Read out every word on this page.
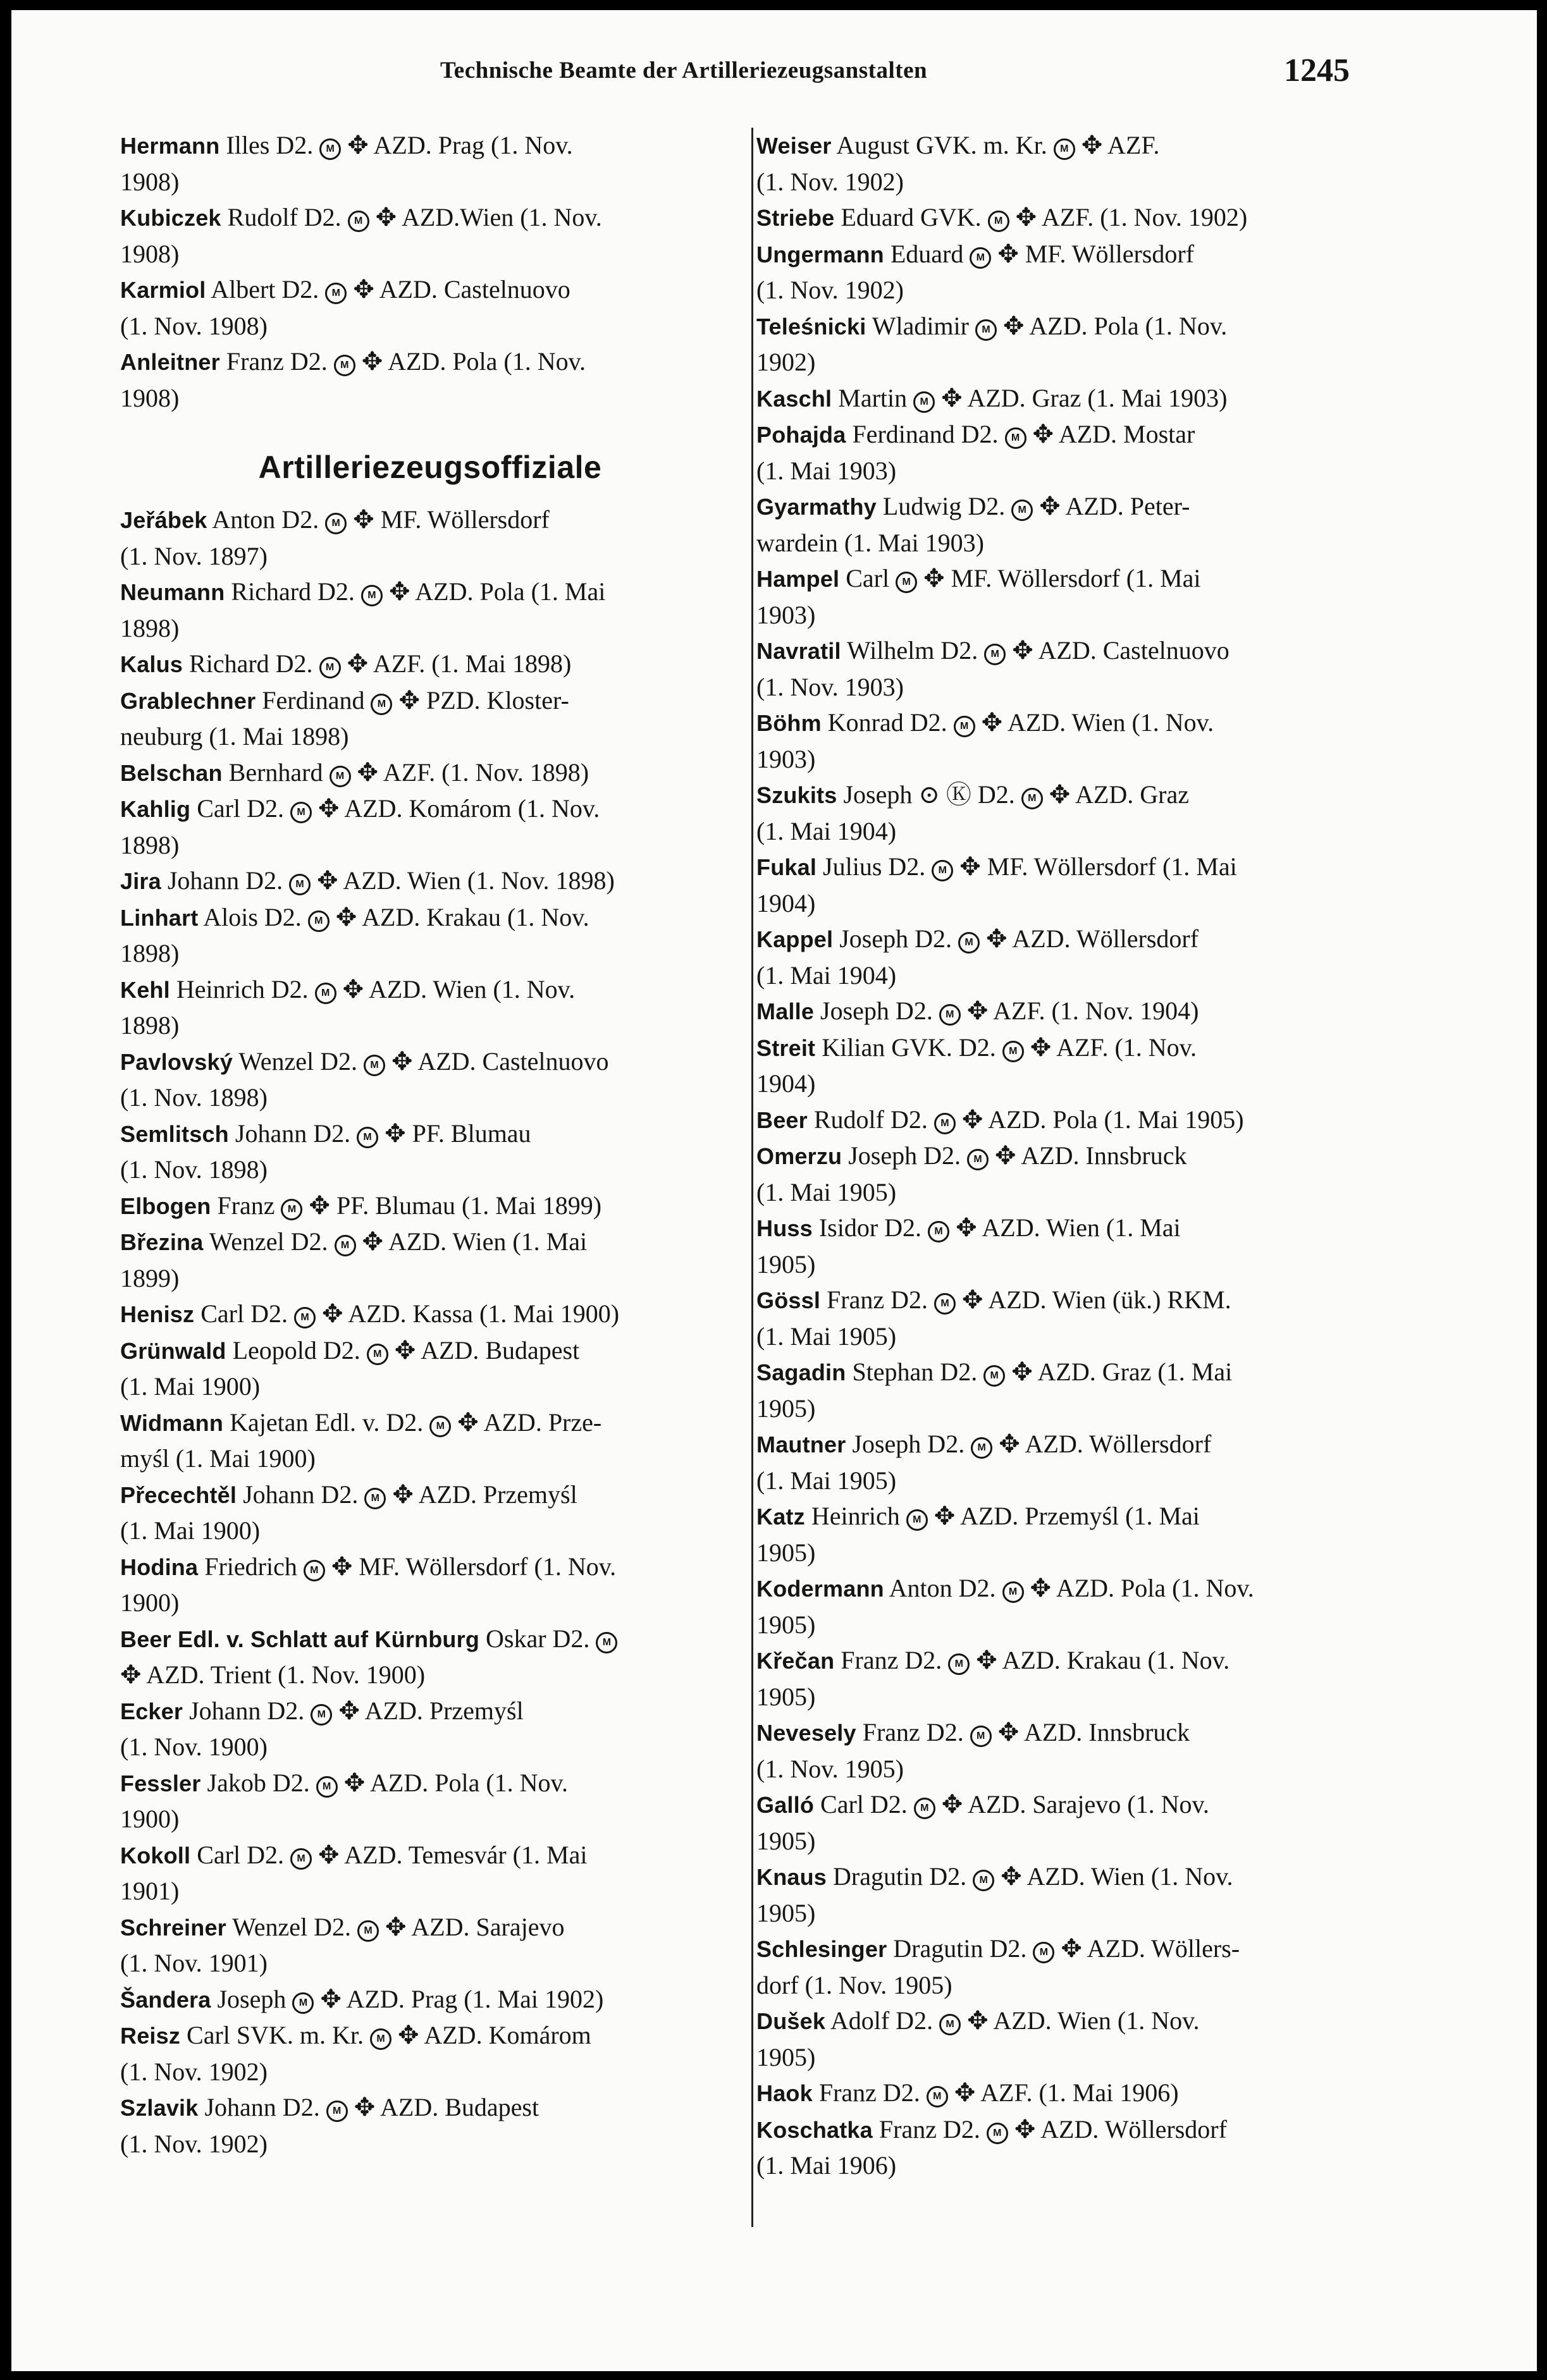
Technische Beamte der Artilleriezeugsanstalten	1245

Hermann Illes D2. M ✥ AZD. Prag (1. Nov.
1908)

Kubiczek Rudolf D2. M ✥ AZD.Wien (1. Nov.
1908)

Karmiol Albert D2. M ✥ AZD. Castelnuovo
(1. Nov. 1908)

Anleitner Franz D2. M ✥ AZD. Pola (1. Nov.
1908)

Artilleriezeugsoffiziale

Jeřábek Anton D2. M ✥ MF. Wöllersdorf
(1. Nov. 1897)

Neumann Richard D2. M ✥ AZD. Pola (1. Mai
1898)

Kalus Richard D2. M ✥ AZF. (1. Mai 1898)

Grablechner Ferdinand M ✥ PZD. Kloster-
neuburg (1. Mai 1898)

Belschan Bernhard M ✥ AZF. (1. Nov. 1898)

Kahlig Carl D2. M ✥ AZD. Komárom (1. Nov.
1898)

Jira Johann D2. M ✥ AZD. Wien (1. Nov. 1898)

Linhart Alois D2. M ✥ AZD. Krakau (1. Nov.
1898)

Kehl Heinrich D2. M ✥ AZD. Wien (1. Nov.
1898)

Pavlovský Wenzel D2. M ✥ AZD. Castelnuovo
(1. Nov. 1898)

Semlitsch Johann D2. M ✥ PF. Blumau
(1. Nov. 1898)

Elbogen Franz M ✥ PF. Blumau (1. Mai 1899)

Březina Wenzel D2. M ✥ AZD. Wien (1. Mai
1899)

Henisz Carl D2. M ✥ AZD. Kassa (1. Mai 1900)

Grünwald Leopold D2. M ✥ AZD. Budapest
(1. Mai 1900)

Widmann Kajetan Edl. v. D2. M ✥ AZD. Prze-
myśl (1. Mai 1900)

Přecechtěl Johann D2. M ✥ AZD. Przemyśl
(1. Mai 1900)

Hodina Friedrich M ✥ MF. Wöllersdorf (1. Nov.
1900)

Beer Edl. v. Schlatt auf Kürnburg Oskar D2. M
✥ AZD. Trient (1. Nov. 1900)

Ecker Johann D2. M ✥ AZD. Przemyśl
(1. Nov. 1900)

Fessler Jakob D2. M ✥ AZD. Pola (1. Nov.
1900)

Kokoll Carl D2. M ✥ AZD. Temesvár (1. Mai
1901)

Schreiner Wenzel D2. M ✥ AZD. Sarajevo
(1. Nov. 1901)

Šandera Joseph M ✥ AZD. Prag (1. Mai 1902)

Reisz Carl SVK. m. Kr. M ✥ AZD. Komárom
(1. Nov. 1902)

Szlavik Johann D2. M ✥ AZD. Budapest
(1. Nov. 1902)

Weiser August GVK. m. Kr. M ✥ AZF.
(1. Nov. 1902)

Striebe Eduard GVK. M ✥ AZF. (1. Nov. 1902)

Ungermann Eduard M ✥ MF. Wöllersdorf
(1. Nov. 1902)

Teleśnicki Wladimir M ✥ AZD. Pola (1. Nov.
1902)

Kaschl Martin M ✥ AZD. Graz (1. Mai 1903)

Pohajda Ferdinand D2. M ✥ AZD. Mostar
(1. Mai 1903)

Gyarmathy Ludwig D2. M ✥ AZD. Peter-
wardein (1. Mai 1903)

Hampel Carl M ✥ MF. Wöllersdorf (1. Mai
1903)

Navratil Wilhelm D2. M ✥ AZD. Castelnuovo
(1. Nov. 1903)

Böhm Konrad D2. M ✥ AZD. Wien (1. Nov.
1903)

Szukits Joseph ⊙ Ⓚ D2. M ✥ AZD. Graz
(1. Mai 1904)

Fukal Julius D2. M ✥ MF. Wöllersdorf (1. Mai
1904)

Kappel Joseph D2. M ✥ AZD. Wöllersdorf
(1. Mai 1904)

Malle Joseph D2. M ✥ AZF. (1. Nov. 1904)

Streit Kilian GVK. D2. M ✥ AZF. (1. Nov.
1904)

Beer Rudolf D2. M ✥ AZD. Pola (1. Mai 1905)

Omerzu Joseph D2. M ✥ AZD. Innsbruck
(1. Mai 1905)

Huss Isidor D2. M ✥ AZD. Wien (1. Mai
1905)

Gössl Franz D2. M ✥ AZD. Wien (ük.) RKM.
(1. Mai 1905)

Sagadin Stephan D2. M ✥ AZD. Graz (1. Mai
1905)

Mautner Joseph D2. M ✥ AZD. Wöllersdorf
(1. Mai 1905)

Katz Heinrich M ✥ AZD. Przemyśl (1. Mai
1905)

Kodermann Anton D2. M ✥ AZD. Pola (1. Nov.
1905)

Křečan Franz D2. M ✥ AZD. Krakau (1. Nov.
1905)

Nevesely Franz D2. M ✥ AZD. Innsbruck
(1. Nov. 1905)

Galló Carl D2. M ✥ AZD. Sarajevo (1. Nov.
1905)

Knaus Dragutin D2. M ✥ AZD. Wien (1. Nov.
1905)

Schlesinger Dragutin D2. M ✥ AZD. Wöllers-
dorf (1. Nov. 1905)

Dušek Adolf D2. M ✥ AZD. Wien (1. Nov.
1905)

Haok Franz D2. M ✥ AZF. (1. Mai 1906)

Koschatka Franz D2. M ✥ AZD. Wöllersdorf
(1. Mai 1906)
